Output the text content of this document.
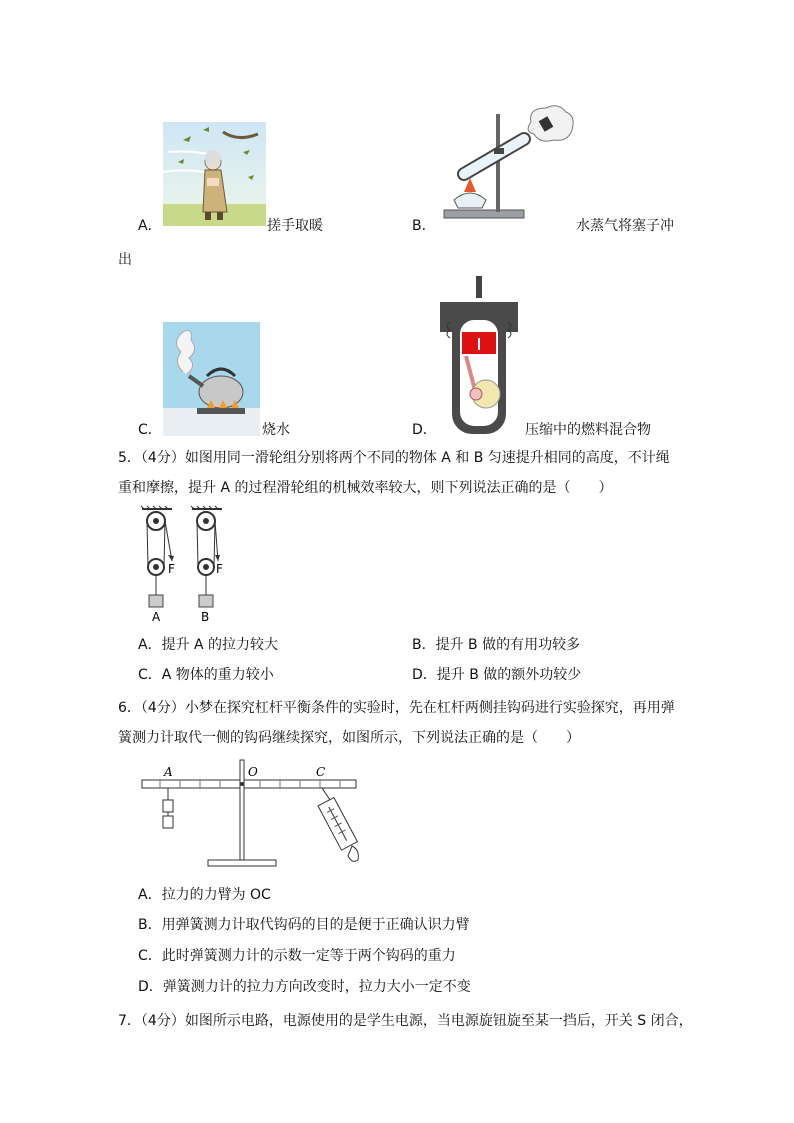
A．	搓手取暖	B．	水蒸气将塞子冲
出
C．	烧水	D．	压缩中的燃料混合物
5．（4分）如图用同一滑轮组分别将两个不同的物体 A 和 B 匀速提升相同的高度，不计绳
重和摩擦，提升 A 的过程滑轮组的机械效率较大，则下列说法正确的是（　　）
F
A
F
B
A．提升 A 的拉力较大	B．提升 B 做的有用功较多
C．A 物体的重力较小	D．提升 B 做的额外功较少
6．（4分）小梦在探究杠杆平衡条件的实验时，先在杠杆两侧挂钩码进行实验探究，再用弹
簧测力计取代一侧的钩码继续探究，如图所示，下列说法正确的是（　　）
A	O	C
A．拉力的力臂为 OC
B．用弹簧测力计取代钩码的目的是便于正确认识力臂
C．此时弹簧测力计的示数一定等于两个钩码的重力
D．弹簧测力计的拉力方向改变时，拉力大小一定不变
7．（4分）如图所示电路，电源使用的是学生电源，当电源旋钮旋至某一挡后，开关 S 闭合，
